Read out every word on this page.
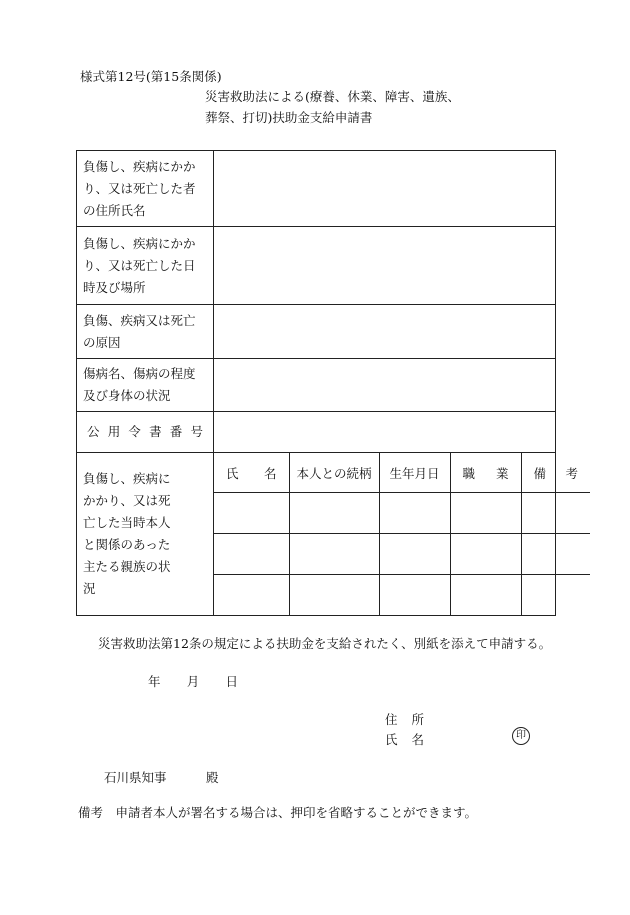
様式第12号(第15条関係)
災害救助法による(療養、休業、障害、遺族、
葬祭、打切)扶助金支給申請書
負傷し、疾病にかか
り、又は死亡した者
の住所氏名

負傷し、疾病にかか
り、又は死亡した日
時及び場所

負傷、疾病又は死亡
の原因

傷病名、傷病の程度
及び身体の状況

公 用 令 書 番 号

負傷し、疾病に
かかり、又は死
亡した当時本人
と関係のあった
主たる親族の状
況

氏 名	本人との続柄	生年月日	職 業	備 考

災害救助法第12条の規定による扶助金を支給されたく、別紙を添えて申請する。
年 月 日
住 所
氏 名	印
石川県知事	殿
備考　申請者本人が署名する場合は、押印を省略することができます。
